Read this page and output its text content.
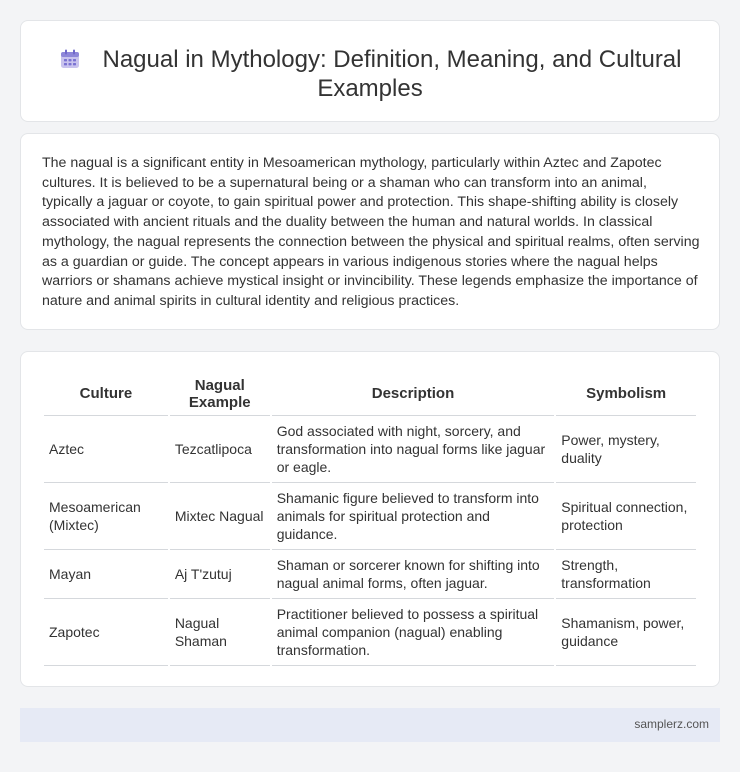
Nagual in Mythology: Definition, Meaning, and Cultural Examples

The nagual is a significant entity in Mesoamerican mythology, particularly within Aztec and Zapotec cultures. It is believed to be a supernatural being or a shaman who can transform into an animal, typically a jaguar or coyote, to gain spiritual power and protection. This shape-shifting ability is closely associated with ancient rituals and the duality between the human and natural worlds. In classical mythology, the nagual represents the connection between the physical and spiritual realms, often serving as a guardian or guide. The concept appears in various indigenous stories where the nagual helps warriors or shamans achieve mystical insight or invincibility. These legends emphasize the importance of nature and animal spirits in cultural identity and religious practices.

Culture	Nagual Example	Description	Symbolism
Aztec	Tezcatlipoca	God associated with night, sorcery, and transformation into nagual forms like jaguar or eagle.	Power, mystery, duality
Mesoamerican (Mixtec)	Mixtec Nagual	Shamanic figure believed to transform into animals for spiritual protection and guidance.	Spiritual connection, protection
Mayan	Aj T'zutuj	Shaman or sorcerer known for shifting into nagual animal forms, often jaguar.	Strength, transformation
Zapotec	Nagual Shaman	Practitioner believed to possess a spiritual animal companion (nagual) enabling transformation.	Shamanism, power, guidance
samplerz.com
